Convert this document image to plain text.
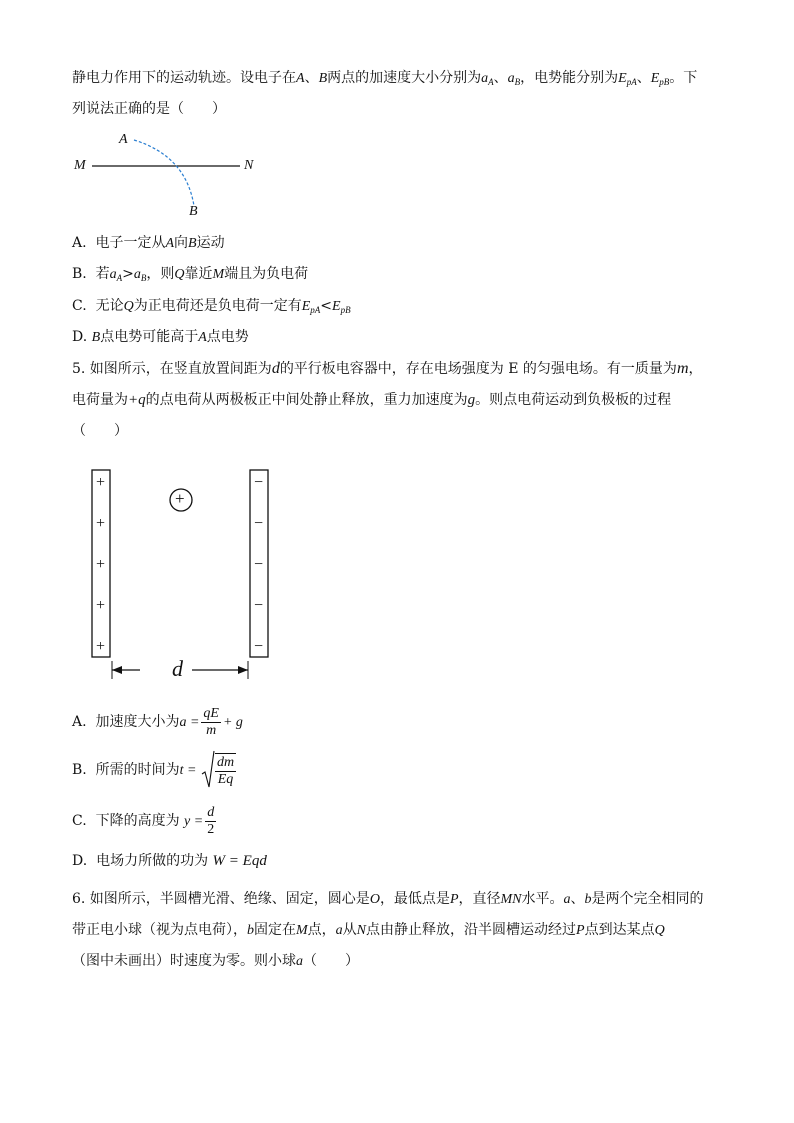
静电力作用下的运动轨迹。设电子在A、B两点的加速度大小分别为$a_A$、$a_B$，电势能分别为$E_{pA}$、$E_{pB}$。下
列说法正确的是（　　）
A
B
M	N
A. 电子一定从A向B运动
B. 若$a_A>a_B$，则Q靠近M端且为负电荷
C. 无论Q为正电荷还是负电荷一定有$E_{pA}<E_{pB}$
D. B点电势可能高于A点电势
5. 如图所示，在竖直放置间距为d的平行板电容器中，存在电场强度为 E 的匀强电场。有一质量为m，
电荷量为+q的点电荷从两极板正中间处静止释放，重力加速度为g。则点电荷运动到负极板的过程
（　　）
+
+
+
+
+
−
−
−
−
−
+
d
A. 加速度大小为$a = \frac{qE}{m} + g$
B. 所需的时间为$t = \frac{dm}{Eq}$
C. 下降的高度为 $y = \frac{d}{2}$
D. 电场力所做的功为 W = Eqd
6. 如图所示，半圆槽光滑、绝缘、固定，圆心是O，最低点是P，直径MN水平。a、b是两个完全相同的
带正电小球（视为点电荷），b固定在M点，a从N点由静止释放，沿半圆槽运动经过P点到达某点Q
（图中未画出）时速度为零。则小球a（　　）
